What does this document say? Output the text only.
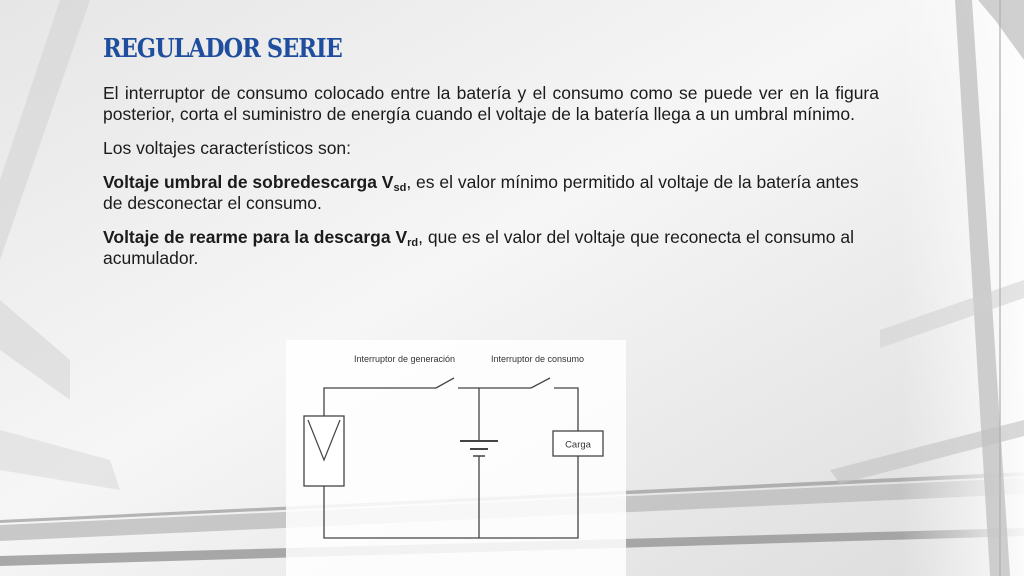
REGULADOR SERIE

El interruptor de consumo colocado entre la batería y el consumo como se puede ver en la figura posterior, corta el suministro de energía cuando el voltaje de la batería llega a un umbral mínimo.

Los voltajes característicos son:

Voltaje umbral de sobredescarga $V_{sd}$, es el valor mínimo permitido al voltaje de la batería antes de desconectar el consumo.

Voltaje de rearme para la descarga $V_{rd}$, que es el valor del voltaje que reconecta el consumo al acumulador.

Carga
Interruptor de generación	Interruptor de consumo
